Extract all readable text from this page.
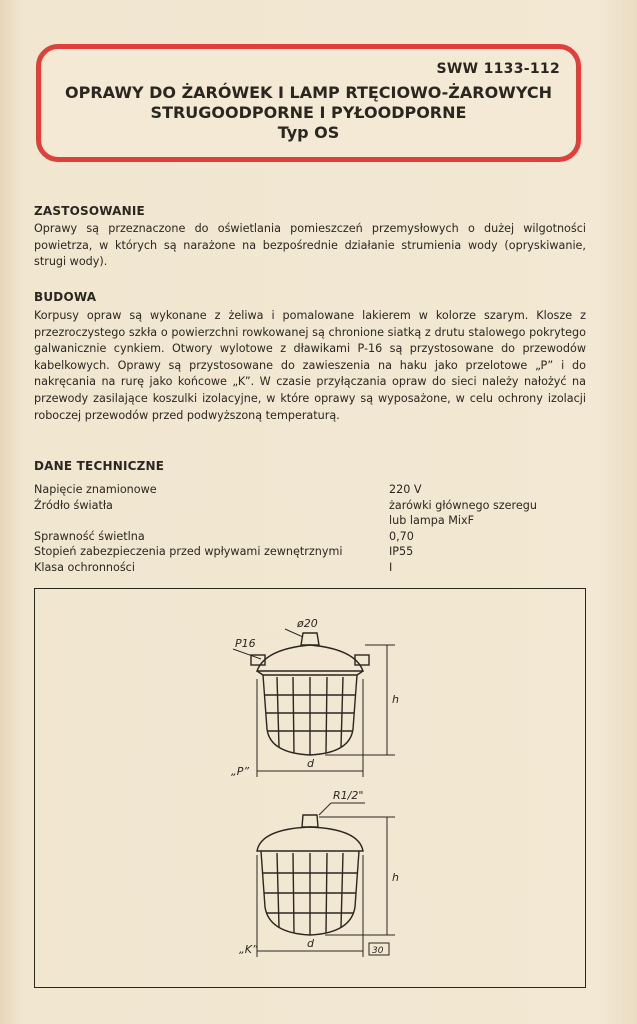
SWW 1133-112
OPRAWY DO ŻARÓWEK I LAMP RTĘCIOWO-ŻAROWYCH
STRUGOODPORNE I PYŁOODPORNE
Typ OS
ZASTOSOWANIE
Oprawy są przeznaczone do oświetlania pomieszczeń przemysłowych o dużej wilgotności powietrza, w których są narażone na bezpośrednie działanie strumienia wody (opryskiwanie, strugi wody).
BUDOWA
Korpusy opraw są wykonane z żeliwa i pomalowane lakierem w kolorze szarym. Klosze z przezroczystego szkła o powierzchni rowkowanej są chronione siatką z drutu stalowego pokrytego galwanicznie cynkiem. Otwory wylotowe z dławikami P-16 są przystosowane do przewodów kabelkowych. Oprawy są przystosowane do zawieszenia na haku jako przelotowe „P” i do nakręcania na rurę jako końcowe „K”. W czasie przyłączania opraw do sieci należy nałożyć na przewody zasilające koszulki izolacyjne, w które oprawy są wyposażone, w celu ochrony izolacji roboczej przewodów przed podwyższoną temperaturą.
DANE TECHNICZNE
Napięcie znamionowe	220 V
Źródło światła	żarówki głównego szeregu
lub lampa MixF
Sprawność świetlna	0,70
Stopień zabezpieczenia przed wpływami zewnętrznymi	IP55
Klasa ochronności	I
ø20
P16
h
d
„P”
R1/2"
h
d
„K”	30
